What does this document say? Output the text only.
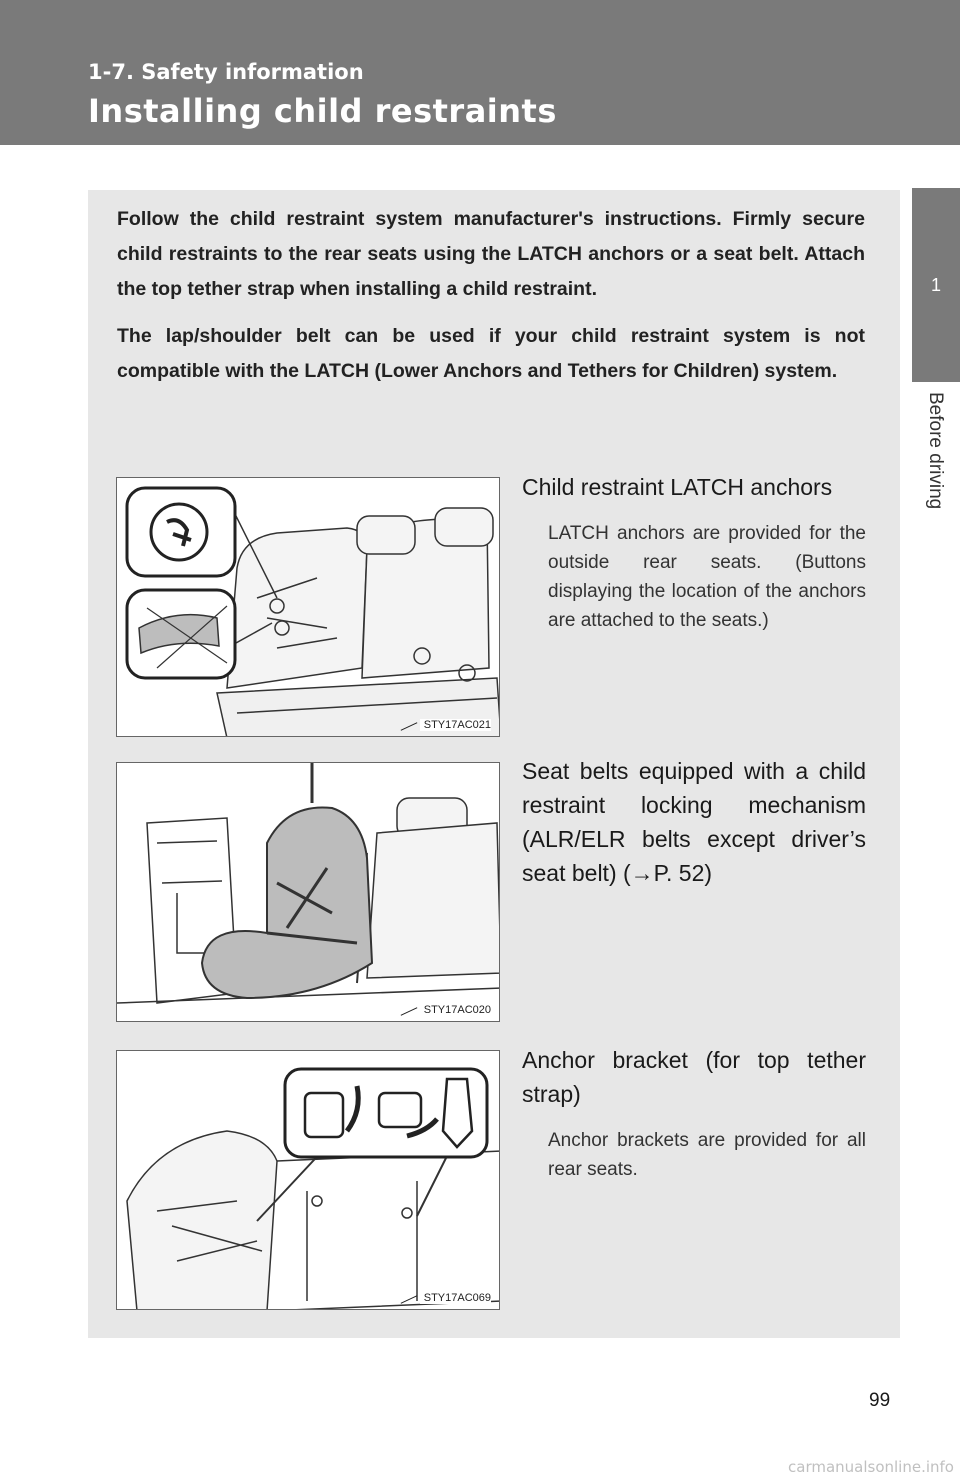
1-7. Safety information
Installing child restraints
1
Before driving

Follow the child restraint system manufacturer's instructions. Firmly secure child restraints to the rear seats using the LATCH anchors or a seat belt. Attach the top tether strap when installing a child restraint.

The lap/shoulder belt can be used if your child restraint system is not compatible with the LATCH (Lower Anchors and Tethers for Children) system.

STY17AC021
Child restraint LATCH anchors
LATCH anchors are provided for the outside rear seats. (Buttons displaying the location of the anchors are attached to the seats.)
STY17AC020
Seat belts equipped with a child restraint locking mechanism (ALR/ELR belts except driver’s seat belt) (→P. 52)
STY17AC069
Anchor bracket (for top tether strap)
Anchor brackets are provided for all rear seats.
99
carmanualsonline.info
